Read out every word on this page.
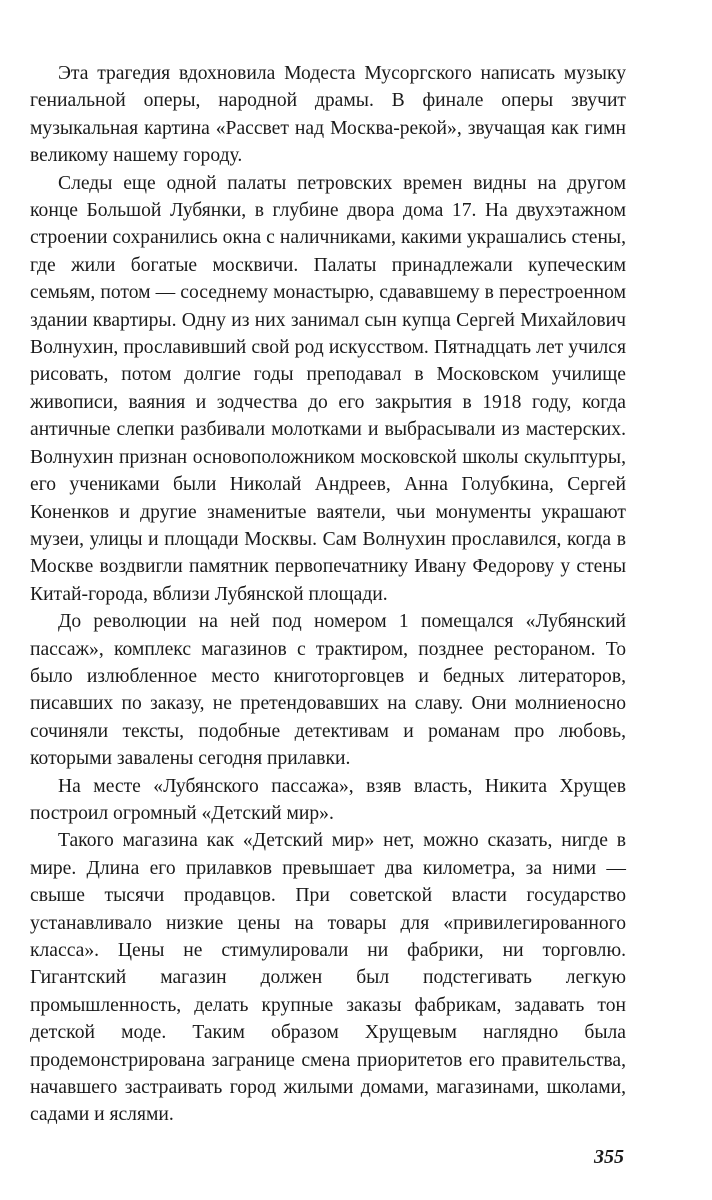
Эта трагедия вдохновила Модеста Мусоргского написать музыку гениальной оперы, народной драмы. В финале оперы звучит музыкальная картина «Рассвет над Москва-рекой», звучащая как гимн великому нашему городу.

Следы еще одной палаты петровских времен видны на другом конце Большой Лубянки, в глубине двора дома 17. На двухэтажном строении сохранились окна с наличниками, какими украшались стены, где жили богатые москвичи. Палаты принадлежали купеческим семьям, потом — соседнему монастырю, сдававшему в перестроенном здании квартиры. Одну из них занимал сын купца Сергей Михайлович Волнухин, прославивший свой род искусством. Пятнадцать лет учился рисовать, потом долгие годы преподавал в Московском училище живописи, ваяния и зодчества до его закрытия в 1918 году, когда античные слепки разбивали молотками и выбрасывали из мастерских. Волнухин признан основоположником московской школы скульптуры, его учениками были Николай Андреев, Анна Голубкина, Сергей Коненков и другие знаменитые ваятели, чьи монументы украшают музеи, улицы и площади Москвы. Сам Волнухин прославился, когда в Москве воздвигли памятник первопечатнику Ивану Федорову у стены Китай-города, вблизи Лубянской площади.

До революции на ней под номером 1 помещался «Лубянский пассаж», комплекс магазинов с трактиром, позднее рестораном. То было излюбленное место книготорговцев и бедных литераторов, писавших по заказу, не претендовавших на славу. Они молниеносно сочиняли тексты, подобные детективам и романам про любовь, которыми завалены сегодня прилавки.

На месте «Лубянского пассажа», взяв власть, Никита Хрущев построил огромный «Детский мир».

Такого магазина как «Детский мир» нет, можно сказать, нигде в мире. Длина его прилавков превышает два километра, за ними — свыше тысячи продавцов. При советской власти государство устанавливало низкие цены на товары для «привилегированного класса». Цены не стимулировали ни фабрики, ни торговлю. Гигантский магазин должен был подстегивать легкую промышленность, делать крупные заказы фабрикам, задавать тон детской моде. Таким образом Хрущевым наглядно была продемонстрирована загранице смена приоритетов его правительства, начавшего застраивать город жилыми домами, магазинами, школами, садами и яслями.

355
